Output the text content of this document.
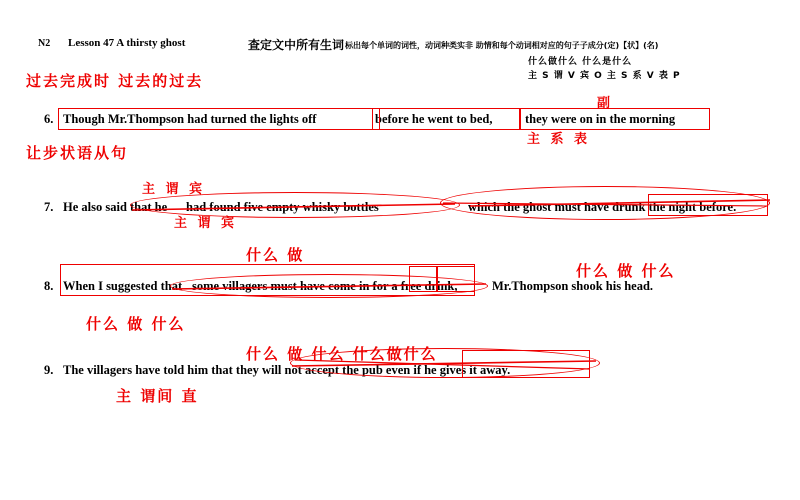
N2 Lesson 47 A thirsty ghost	查定文中所有生词 标出每个单词的词性，动词种类实非 助情和每个动词相对应的句子子成分(定)【状】(名)
什么做什么 什么是什么
主 S 谓 V 宾 O 主 S 系 V 表 P
过去完成时 过去的过去
6. Though Mr.Thompson had turned the lights off	before he went to bed,	they were on in the morning
副
主 系 表
让步状语从句
主 谓 宾
7. He also said that he had found five empty whisky bottles	which the ghost must have drunk the night before.
主 谓 宾
什么 做
什么 做 什么
8. When I suggested that some villagers must have come in for a free drink,	Mr.Thompson shook his head.
什么 做 什么
什么 做 什么 什么做什么
9. The villagers have told him that they will not accept the pub even if he gives it away.
主 谓间 直
